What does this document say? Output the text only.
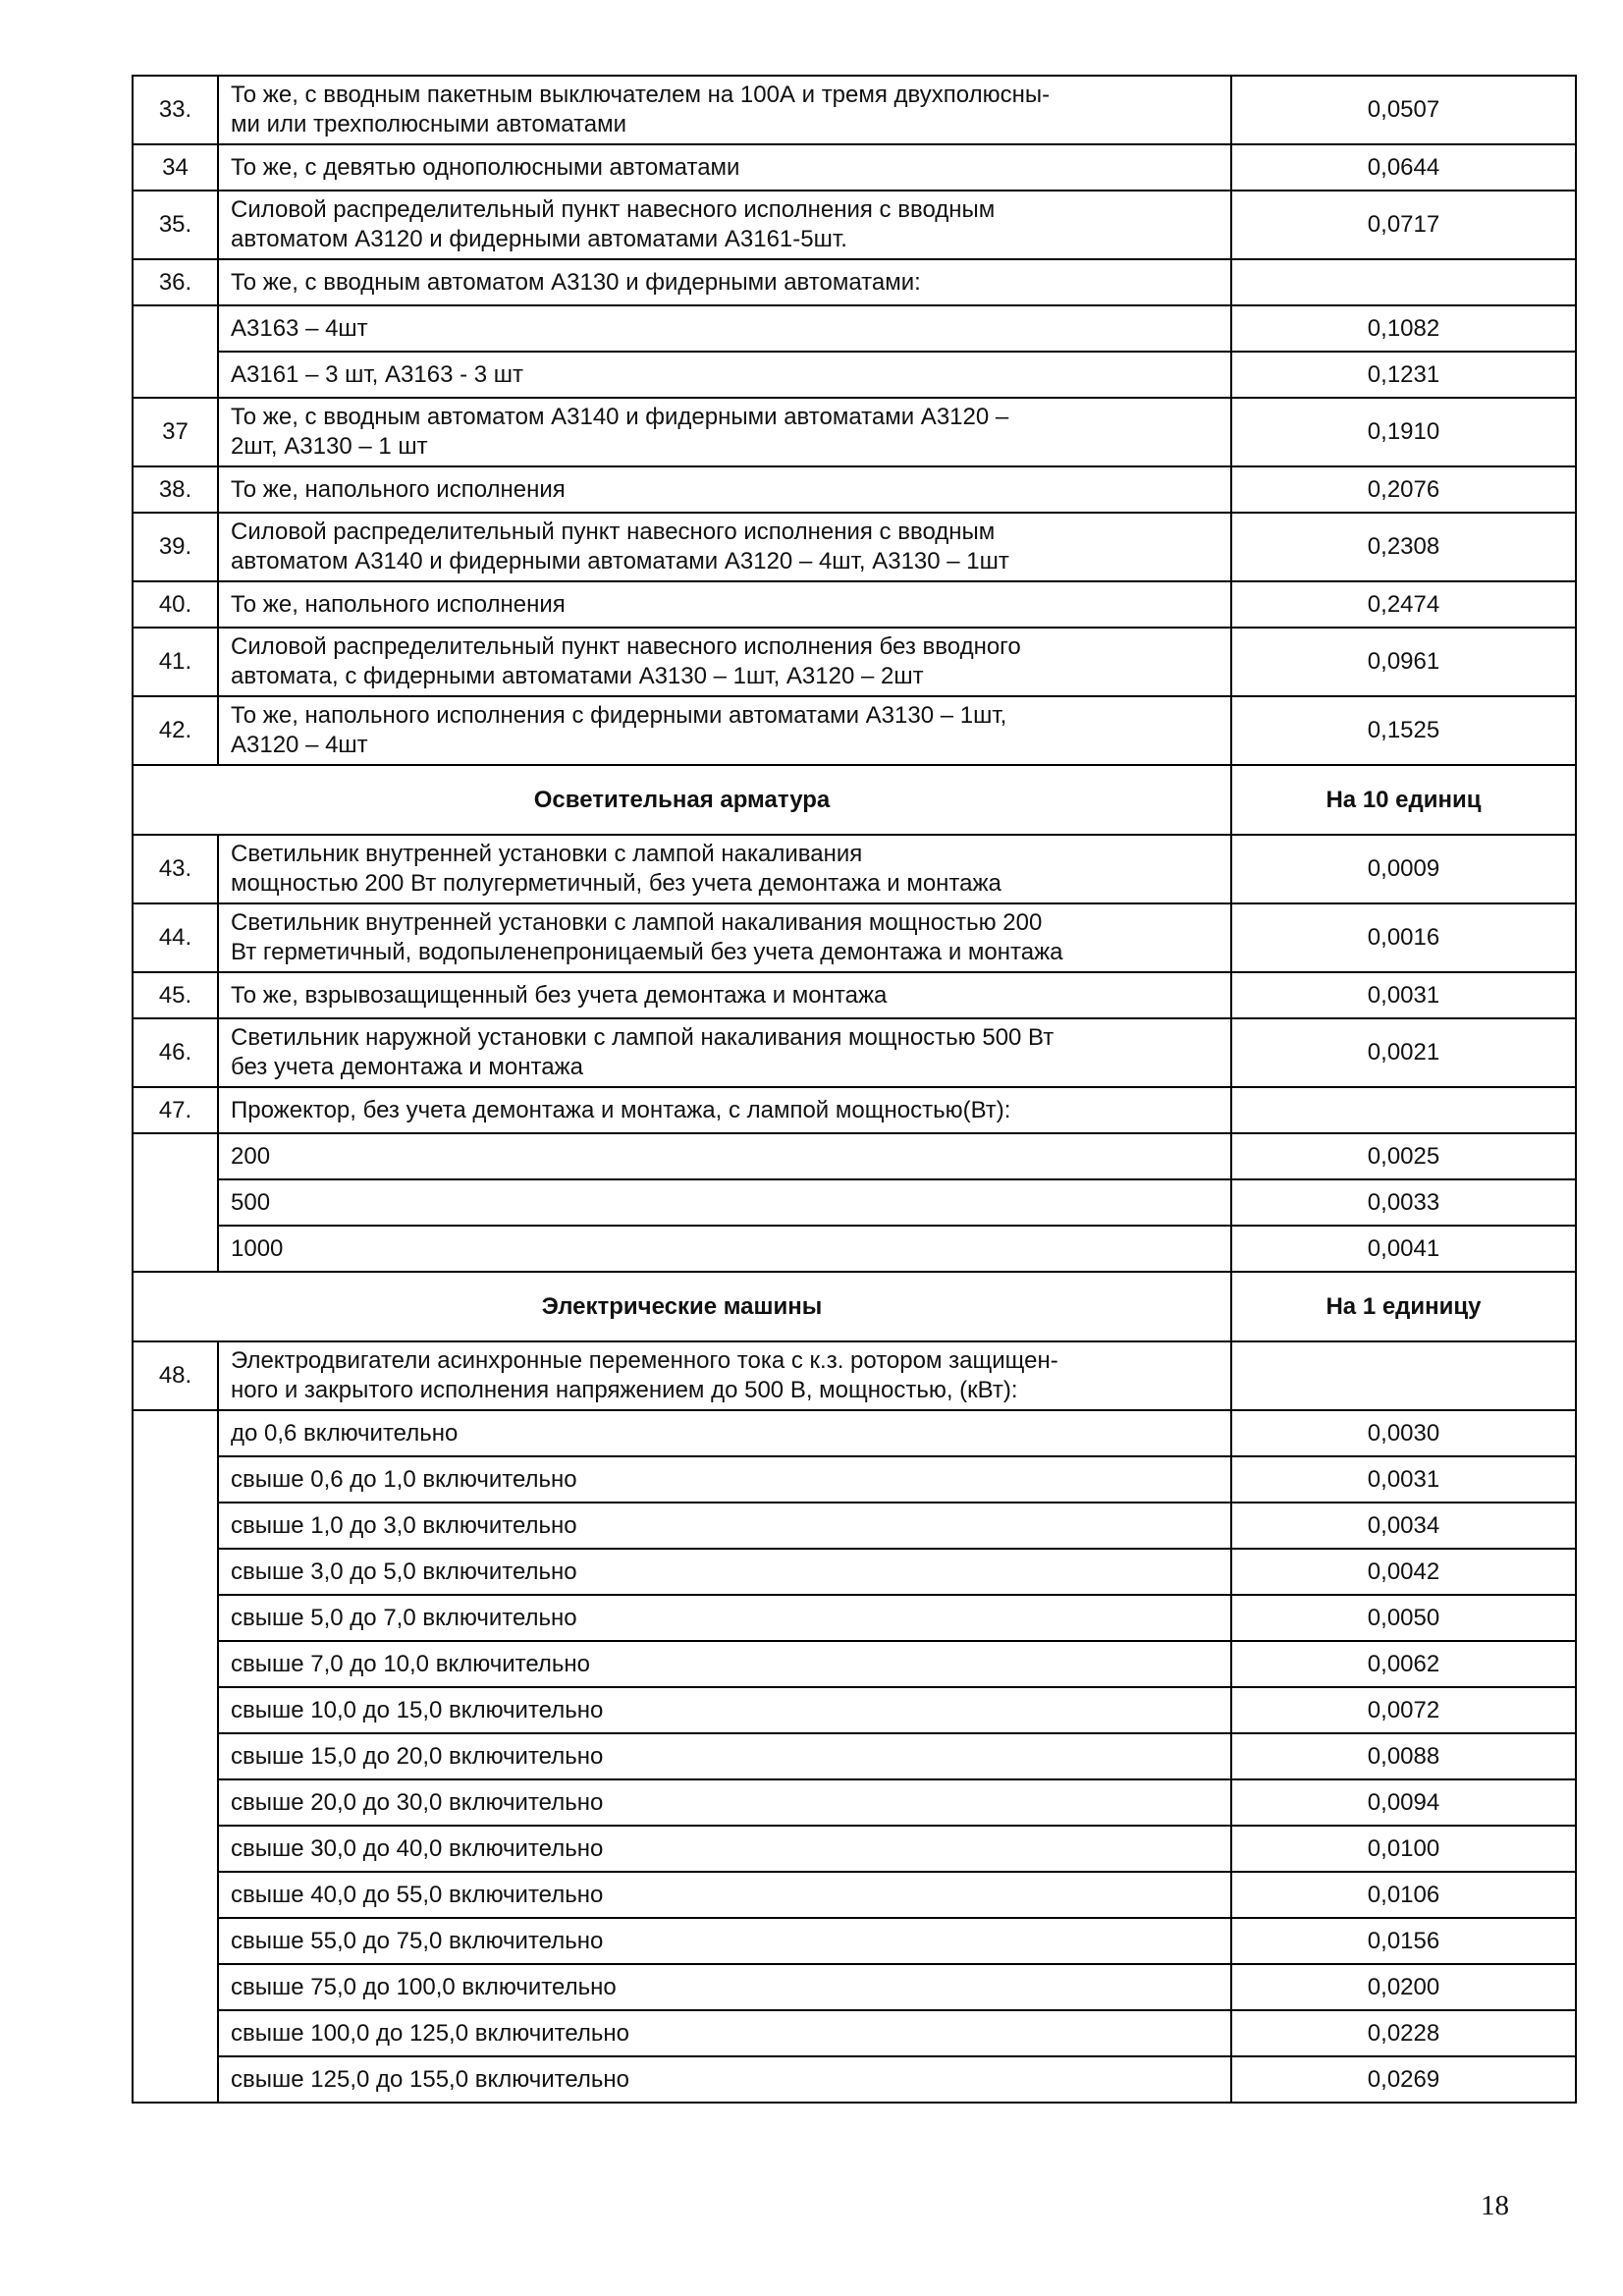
33.	То же, с вводным пакетным выключателем на 100А и тремя двухполюсны-
ми или трехполюсными автоматами	0,0507
34	То же, с девятью однополюсными автоматами	0,0644
35.	Силовой распределительный пункт навесного исполнения с вводным
автоматом А3120 и фидерными автоматами А3161-5шт.	0,0717
36.	То же, с вводным автоматом А3130 и фидерными автоматами:	
	А3163 – 4шт	0,1082
	А3161 – 3 шт, А3163 - 3 шт	0,1231
37	То же, с вводным автоматом А3140 и фидерными автоматами А3120 –
2шт, А3130 – 1 шт	0,1910
38.	То же, напольного исполнения	0,2076
39.	Силовой распределительный пункт навесного исполнения с вводным
автоматом А3140 и фидерными автоматами А3120 – 4шт, А3130 – 1шт	0,2308
40.	То же, напольного исполнения	0,2474
41.	Силовой распределительный пункт навесного исполнения без вводного
автомата, с фидерными автоматами А3130 – 1шт, А3120 – 2шт	0,0961
42.	То же, напольного исполнения с фидерными автоматами А3130 – 1шт,
А3120 – 4шт	0,1525
Осветительная арматура		На 10 единиц
43.	Светильник внутренней установки с лампой накаливания
мощностью 200 Вт полугерметичный, без учета демонтажа и монтажа	0,0009
44.	Светильник внутренней установки с лампой накаливания мощностью 200
Вт герметичный, водопыленепроницаемый без учета демонтажа и монтажа	0,0016
45.	То же, взрывозащищенный без учета демонтажа и монтажа	0,0031
46.	Светильник наружной установки с лампой накаливания мощностью 500 Вт
без учета демонтажа и монтажа	0,0021
47.	Прожектор, без учета демонтажа и монтажа, с лампой мощностью(Вт):	
	200	0,0025
	500	0,0033
	1000	0,0041
Электрические машины		На 1 единицу
48.	Электродвигатели асинхронные переменного тока с к.з. ротором защищен-
ного и закрытого исполнения напряжением до 500 В, мощностью, (кВт):	
	до 0,6 включительно	0,0030
	свыше 0,6 до 1,0 включительно	0,0031
	свыше 1,0 до 3,0 включительно	0,0034
	свыше 3,0 до 5,0 включительно	0,0042
	свыше 5,0 до 7,0 включительно	0,0050
	свыше 7,0 до 10,0 включительно	0,0062
	свыше 10,0 до 15,0 включительно	0,0072
	свыше 15,0 до 20,0 включительно	0,0088
	свыше 20,0 до 30,0 включительно	0,0094
	свыше 30,0 до 40,0 включительно	0,0100
	свыше 40,0 до 55,0 включительно	0,0106
	свыше 55,0 до 75,0 включительно	0,0156
	свыше 75,0 до 100,0 включительно	0,0200
	свыше 100,0 до 125,0 включительно	0,0228
	свыше 125,0 до 155,0 включительно	0,0269
18
